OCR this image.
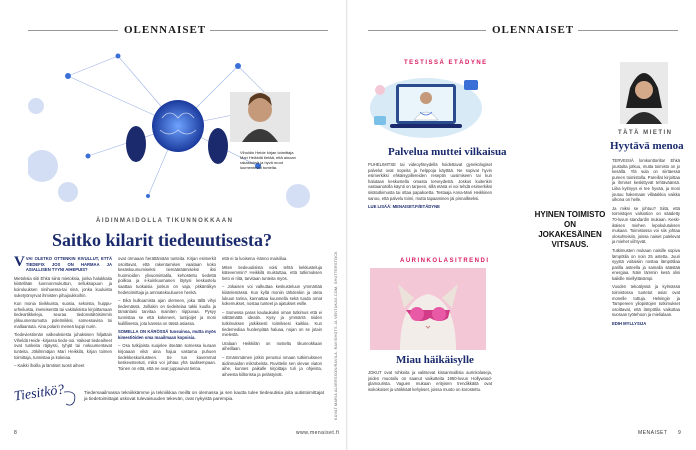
OLENNAISET
Viholdin Heide kirjan toimittaja Mari Heikkilä tietää, että ainoan rakastuksit ja hyvä moot luumentevat tunteita.
ÄIDINMAIDOLLA TIKUNNOKKAAN
Saitko kilarit tiedeuutisesta?

VVAI OLETKO OTTENKIN KIVULLUT, ETTÄ TIEDEFIX JOS ON HARMAA JA ASIALLISEN TYYNI AIHEPUIS?

Mietoksia siiti Ehkä siinä mietoksia, jonka halukkaita kiistellään luonnonmukuttun, selluksapuun ja koiruluuksen ninihuessa-tai sinä, jonka kuuluista suketyömyrvat ihmisten pihajoukkoihin.

Kun monia tiivikkuista, suosia, sekoista, huippu-urheiluista, imeteisenttä tai vakituksista kirjoittamaan tiedeartikkeleja, seuraa tiedonvälitöisimmin ylikuumentumutta poletmikksi, somessavisa toi mallaantuta. Aina polarin meneä kuppi nurin.

Tiedeviestinnän valkeuksiesta juhaksisen hiljattain Viheldä Heide -kirjassa tiedo-ooi. Vaikeat tiedeaiheet ovat tunkeita räjäyssi, tyhjät tai nokuumentavat tunteita. Jökilmmäjan Mari Heikkilä, kirjan toimen toimittaja, tunnistaa ja kokeiaa.

– Kaikki ihoilla ja lämtiset tuosit aiheet

ovat ormaaan herättämään tunteita. Kirjan esimerkit osoittavat, että rakentamisen vaaitaan koko kesäskuumumiseksi tiemääräämiseksi iksi huomioiden ylivuomintatila, kehostettu tiedettä poilkoa ja s-kuinkuumanen löytysi keskustelu saattaa tuokaisia jonkun on vaja, pitkäntiikyn hedetoimittaja ja ammatekuuluuren henkä.

– Eikä kulkuamista ajan olemeen, joka tällä vihyi tiedemässä. Joillakin on tiedeitelaa takki kuulla ja tämänlaisi tarvitaa mainiten riippuvaa. Pysyy tunnistaa se että kokeneet, tuntijoijet ja moni kuilillisesta, jota kanssa on tässä asiassa.

SOMELLA ON KÄRÖSSÄ tuosuinoa, mutta myös kimestiöiden oma maailmaan kopoisia.

– Osa tutkijoista suojelee itseään somessa kuraan kirjoaaan eikä aina hajua vastama puhuen tiedekkeskunlusteen. Se tuo kavemmat keskeustevtuti, mikä voi johtaa yhä taalisempaan. Toinen on että, että ne ovat juppauivat tietoa.

että ei ta luoisena -itänno maisiilua.

Miten tiedeuutisista voisi tehtä kekkusteluja kätevemmin? Heikkilä muistuttaa, että tutkimuksen tieto ei riitä, tarvitaan tunteita myös.

– Jokaisen voi valkuttaa keskusteluun ymmärtää kiistelemässä. Kun kyllä moniin tähdenkin ja oteta lukuun tarina, kannattaa kuunnella sekä tuoda omat kokemukset, nostaa tunteet ja ajatukset esille.

– Somessa paras kaulaukuksi oman tutkimus että ei välttämättä ideatin. Kysy ja ymmärrä niiden tutkimuksen jatkiksesti toimiksesi kaikkia. Kun tiedemediaa huolenpitää haluaa, nojan on se jotain mielestä.

Uralaan Heikkilän on nosteltu tikunnokkaan aiheillaan.

– Emämmämen jotkin perustui omaan tutkimukseen äidinmaidon mikrobeista. Ruvittelin sen olevan viaton aihe, kunnes paikalle kirjoittaja tuli ja ohjeista, aiheesta kiiltorissa ja pelästyivät.

Tiesitkö?	Tiedemaailmassa tekniikkämme ja tekniikkaa meillä on olemassa ja sen kautta tulee tiedeuutisia joita uutistoimittajat ja tiedetoimittajat uskovat tulevaisuuden tekevän, ovat nykyistä parempia.	KUVAT MARIA ALVERSSON/RAVILA, RAVISHOTS JA VENTUKAS.COM, SHUTTERSTOCK
8	www.menaiset.fi
OLENNAISET
TESTISSÄ ETÄDYNE
Palvelua muttei vilkaisua

PUHELIMITSE tai videoyhteydellä hoidettavat gynekologiset palvelut ovat nopeita ja helppoja käyttää. Ne sopivat hyvin esimerkiksi ehkäisypillereiden reseptin uusimiseen tai kun halutaan keskustella omasta terveydestä. Joskus kuitenkin vastaanotolla käynti on tarpeen, sillä etänä ei voi tehdä esimerkiksi sisätutkimusta tai ottaa papakoetta. Testaaja Anna-Mari Heikkinen sanoo, että palvelu toimi, mutta tapaaminen jäi pinnalliseksi.

LUE LISÄÄ: MENAISET.FI/ETÄDYNE

AURINKOLASITRENDI
Miau häikäisylle
JOKUT ovat rohkeita ja valitsevat kissanmallisia aurinkolaseja, joiden muotoilu on saanut vaikutteita 1950-luvun Hollywood-glamourista. Vaguen mukaan erityisen trendikkäitä ovat isokokoiset ja värikkäät kehykset, joissa muoto on korostettu.
HYINEN TOIMISTO ON JOKAKESÄINEN VITSAUS.
TÄTÄ MIETIN
Hyytävä menoa

TERVEISIÄ lomkonttorilta! Ehkä joustulta jotkuu, mutta toimisto on jo kesällä. Ylä sula on siirtäessä pureen toimistolla. Pareillat kirjoittaa ja ihmiset keskittyvät tehtäväänsä. Liika kylmyys ei tee hyvää, ja moni joutuu hakemaan villatakkia vaikka ulkona on helle.

Ja miksi se johtuu? Siitä, että toimistojen valsiotion on säädetty 70-luvun standardin mukaan. Keski-ikäisen miehen lepokulutuksen mukaan. Toimistossa voi siis johtaa olosuhteisiin, joissa naiset palelevat ja miehet viihtyvät.

Tutkimusten mukaan naisille sopiva lämpötila on noin 25 astetta. Juuri syystä voitaisiin nostaa lämpötilaa parilla asteella ja samalla säästää energiaa. Näin lämmin kesä olisi kaikille miellyttävämpi.

Vuoden tekoälyssä ja kylmässä toimistossa tuotetut asiat ovat monelle tuttuja. Helsingin ja Tampereen yliopistojen tutkimukset osoittavat, että lämpötila vaikuttaa suoraan työtehoon ja mielialaan.

EDIH MYLLYSIJA

MENAISET 9
